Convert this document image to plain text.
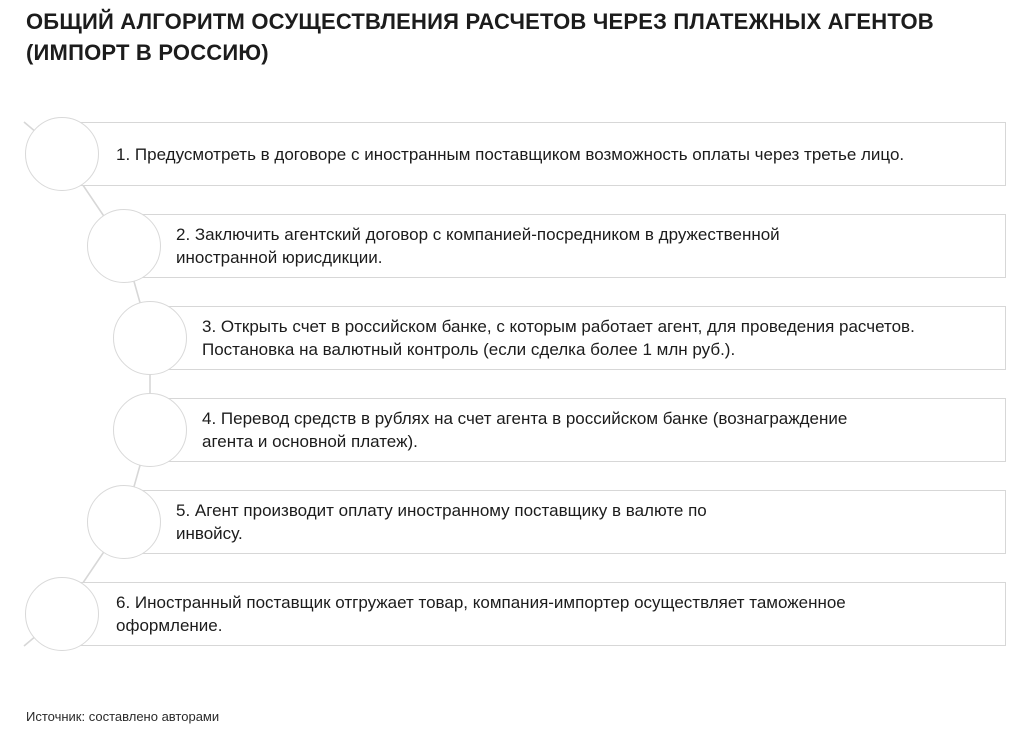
ОБЩИЙ АЛГОРИТМ ОСУЩЕСТВЛЕНИЯ РАСЧЕТОВ ЧЕРЕЗ ПЛАТЕЖНЫХ АГЕНТОВ (ИМПОРТ В РОССИЮ)
1. Предусмотреть в договоре с иностранным поставщиком возможность оплаты через третье лицо.
2. Заключить агентский договор с компанией-посредником в дружественной иностранной юрисдикции.
3. Открыть счет в российском банке, с которым работает агент, для проведения расчетов. Постановка на валютный контроль (если сделка более 1 млн руб.).
4. Перевод средств в рублях на счет агента в российском банке (вознаграждение агента и основной платеж).
5. Агент производит оплату иностранному поставщику в валюте по инвойсу.
6. Иностранный поставщик отгружает товар, компания-импортер осуществляет таможенное оформление.
Источник: составлено авторами
